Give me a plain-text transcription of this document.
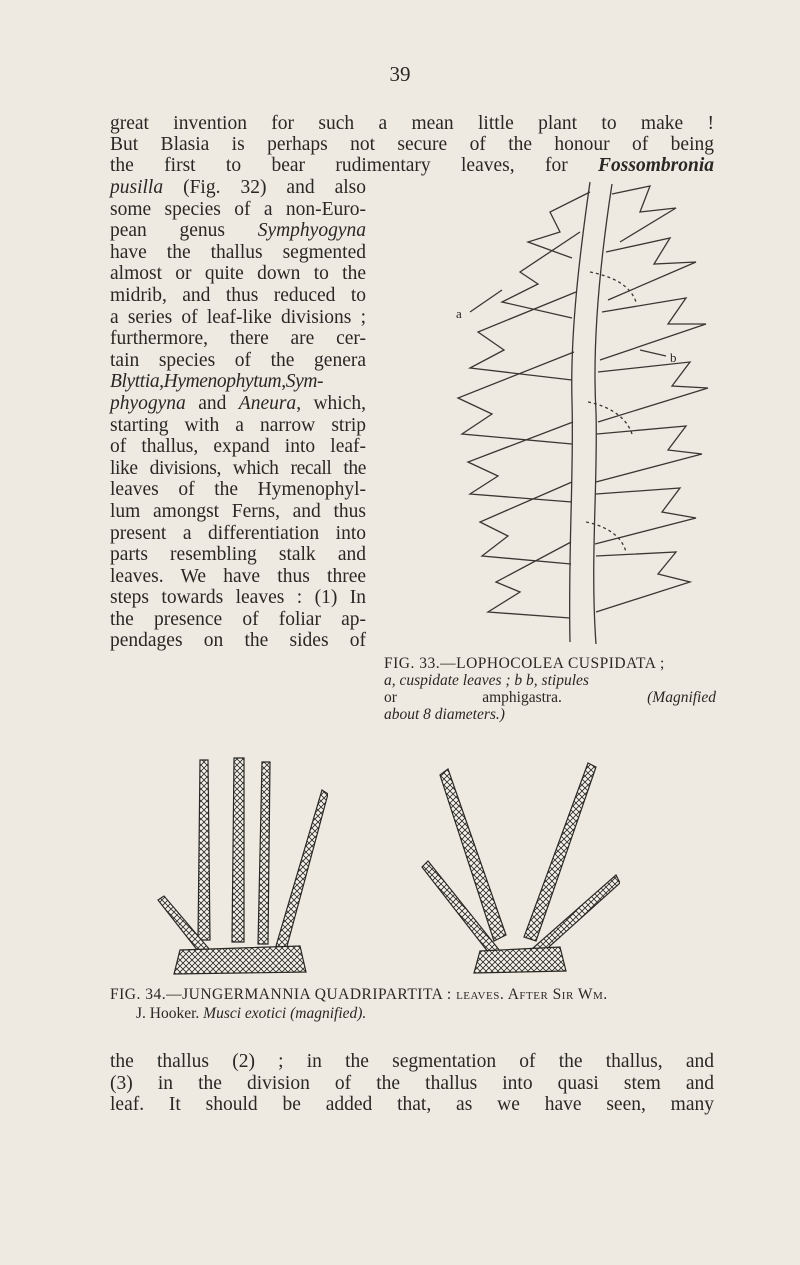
39

great invention for such a mean little plant to make !
But Blasia is perhaps not secure of the honour of being
the first to bear rudimentary leaves, for Fossombronia

pusilla (Fig. 32) and also
some species of a non-Euro-
pean genus Symphyogyna
have the thallus segmented
almost or quite down to the
midrib, and thus reduced to
a series of leaf-like divisions ;
furthermore, there are cer-
tain species of the genera
Blyttia,Hymenophytum,Sym-
phyogyna and Aneura, which,
starting with a narrow strip
of thallus, expand into leaf-
like divisions, which recall the
leaves of the Hymenophyl-
lum amongst Ferns, and thus
present a differentiation into
parts resembling stalk and
leaves. We have thus three
steps towards leaves : (1) In
the presence of foliar ap-
pendages on the sides of

a
b

FIG. 33.—LOPHOCOLEA CUSPIDATA ;
a, cuspidate leaves ; b b, stipules
or amphigastra.	(Magnified
about 8 diameters.)

FIG. 34.—JUNGERMANNIA QUADRIPARTITA : leaves. After Sir Wm.
J. Hooker. Musci exotici (magnified).

the thallus (2) ; in the segmentation of the thallus, and
(3) in the division of the thallus into quasi stem and
leaf. It should be added that, as we have seen, many
